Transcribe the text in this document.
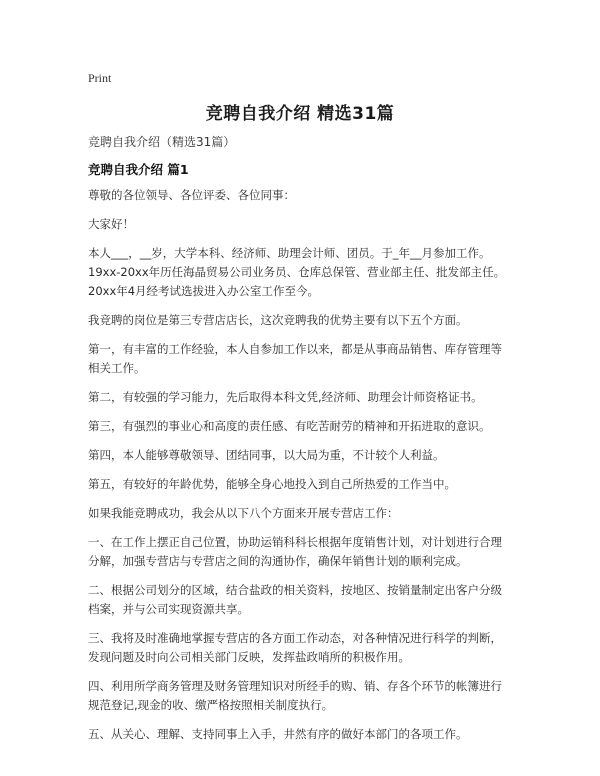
Print
竞聘自我介绍 精选31篇
竞聘自我介绍（精选31篇）
竞聘自我介绍 篇1

尊敬的各位领导、各位评委、各位同事：

大家好！

本人___，__岁，大学本科、经济师、助理会计师、团员。于_年__月参加工作。
19xx-20xx年历任海晶贸易公司业务员、仓库总保管、营业部主任、批发部主任。
20xx年4月经考试选拔进入办公室工作至今。

我竞聘的岗位是第三专营店店长，这次竞聘我的优势主要有以下五个方面。

第一，有丰富的工作经验，本人自参加工作以来，都是从事商品销售、库存管理等
相关工作。

第二，有较强的学习能力，先后取得本科文凭,经济师、助理会计师资格证书。

第三，有强烈的事业心和高度的责任感、有吃苦耐劳的精神和开拓进取的意识。

第四，本人能够尊敬领导、团结同事，以大局为重，不计较个人利益。

第五，有较好的年龄优势，能够全身心地投入到自己所热爱的工作当中。

如果我能竞聘成功，我会从以下八个方面来开展专营店工作：

一、在工作上摆正自己位置，协助运销科科长根据年度销售计划，对计划进行合理
分解，加强专营店与专营店之间的沟通协作，确保年销售计划的顺利完成。

二、根据公司划分的区域，结合盐政的相关资料，按地区、按销量制定出客户分级
档案，并与公司实现资源共享。

三、我将及时准确地掌握专营店的各方面工作动态，对各种情况进行科学的判断，
发现问题及时向公司相关部门反映，发挥盐政哨所的积极作用。

四、利用所学商务管理及财务管理知识对所经手的购、销、存各个环节的帐簿进行
规范登记,现金的收、缴严格按照相关制度执行。

五、从关心、理解、支持同事上入手，井然有序的做好本部门的各项工作。
